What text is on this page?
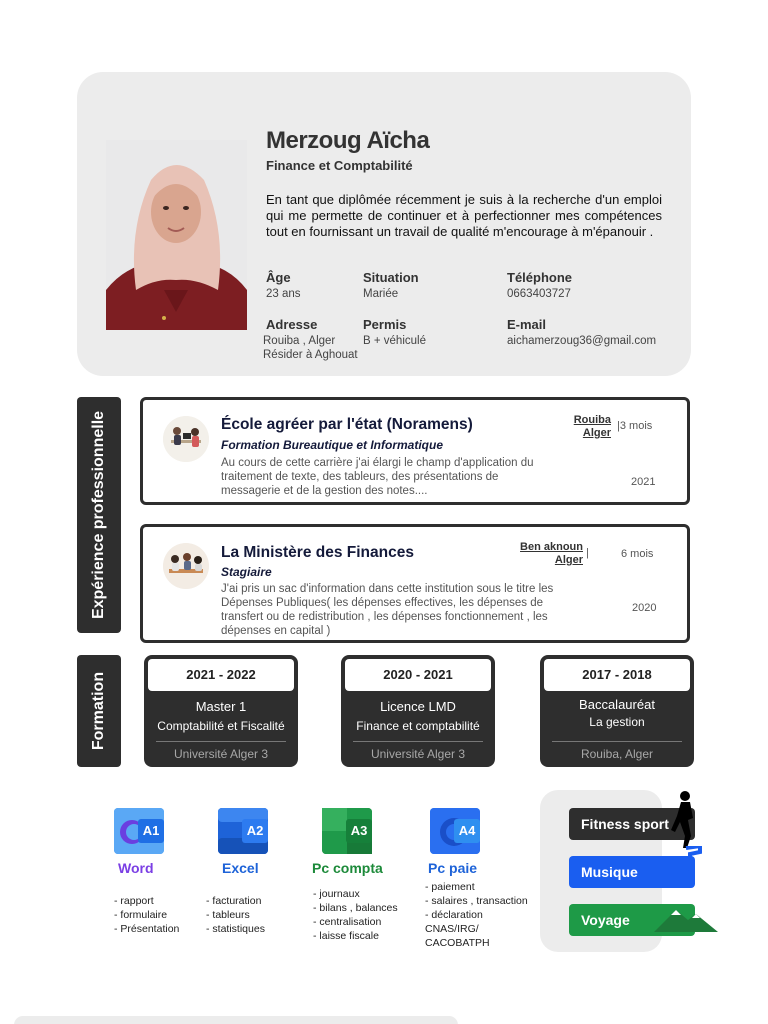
Merzoug Aïcha
Finance et Comptabilité
En tant que diplômée récemment je suis à la recherche d'un emploi qui me permette de continuer et à perfectionner mes compétences tout en fournissant un travail de qualité m'encourage à m'épanouir .
Âge
23 ans
Situation
Mariée
Téléphone
0663403727
Adresse
Rouiba , Alger
Résider à Aghouat
Permis
B + véhiculé
E-mail
aichamerzoug36@gmail.com
Expérience professionnelle	École agréer par l'état (Noramens)
Formation Bureautique et Informatique
Au cours de cette carrière j'ai élargi le champ d'application du
traitement de texte, des tableurs, des présentations de
messagerie et de la gestion des notes....
Rouiba
Alger
|3 mois
2021
La Ministère des Finances
Stagiaire
J'ai pris un sac d'information dans cette institution sous le titre les
Dépenses Publiques( les dépenses effectives, les dépenses de
transfert ou de redistribution , les dépenses fonctionnement , les
dépenses en capital )
Ben aknoun
Alger
|	6 mois
2020
Formation	2021 - 2022
Master 1
Comptabilité et Fiscalité
Université Alger 3
2020 - 2021
Licence LMD
Finance et comptabilité
Université Alger 3
2017 - 2018
Baccalauréat
La gestion
Rouiba, Alger
A1	A2	A3	A4
Word	Excel	Pc compta	Pc paie
- rapport
- formulaire
- Présentation
- facturation
- tableurs
- statistiques
- journaux
- bilans , balances
- centralisation
- laisse fiscale
- paiement
- salaires , transaction
- déclaration
CNAS/IRG/
CACOBATPH
Fitness sport
Musique
Voyage
